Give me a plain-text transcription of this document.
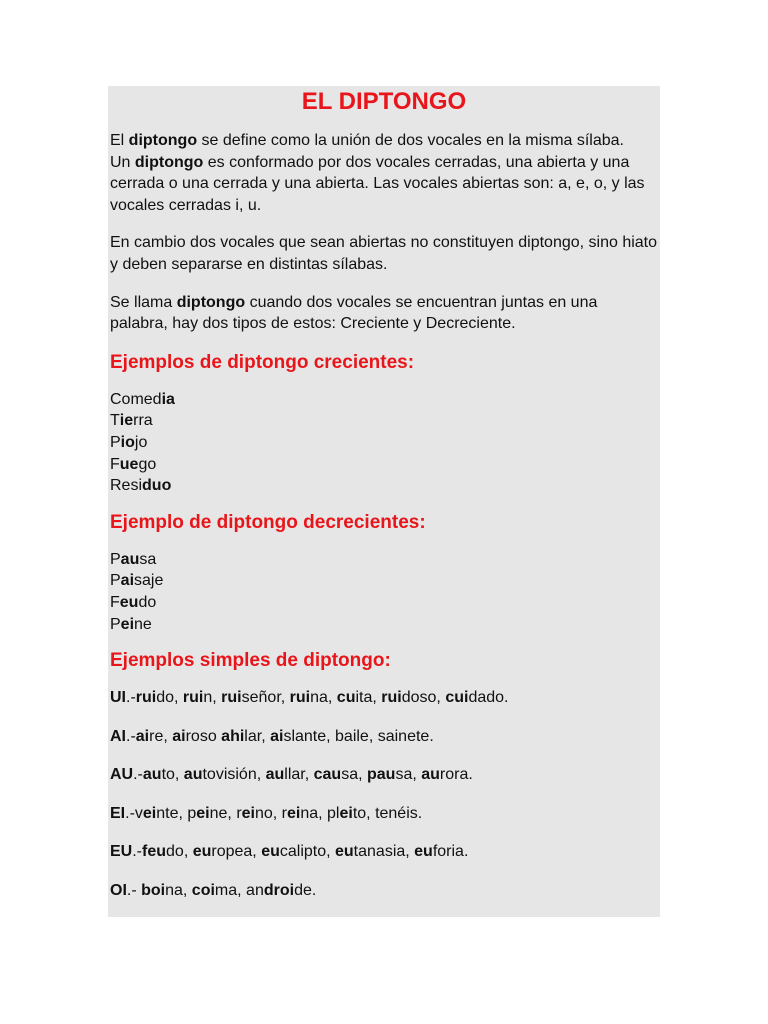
EL DIPTONGO

El diptongo se define como la unión de dos vocales en la misma sílaba.
Un diptongo es conformado por dos vocales cerradas, una abierta y una cerrada o una cerrada y una abierta. Las vocales abiertas son: a, e, o, y las vocales cerradas i, u.

En cambio dos vocales que sean abiertas no constituyen diptongo, sino hiato y deben separarse en distintas sílabas.

Se llama diptongo cuando dos vocales se encuentran juntas en una palabra, hay dos tipos de estos: Creciente y Decreciente.

Ejemplos de diptongo crecientes:
Comedia
Tierra
Piojo
Fuego
Residuo
Ejemplo de diptongo decrecientes:
Pausa
Paisaje
Feudo
Peine
Ejemplos simples de diptongo:

UI.-ruido, ruin, ruiseñor, ruina, cuita, ruidoso, cuidado.

AI.-aire, airoso ahilar, aislante, baile, sainete.

AU.-auto, autovisión, aullar, causa, pausa, aurora.

EI.-veinte, peine, reino, reina, pleito, tenéis.

EU.-feudo, europea, eucalipto, eutanasia, euforia.

OI.- boina, coima, androide.
